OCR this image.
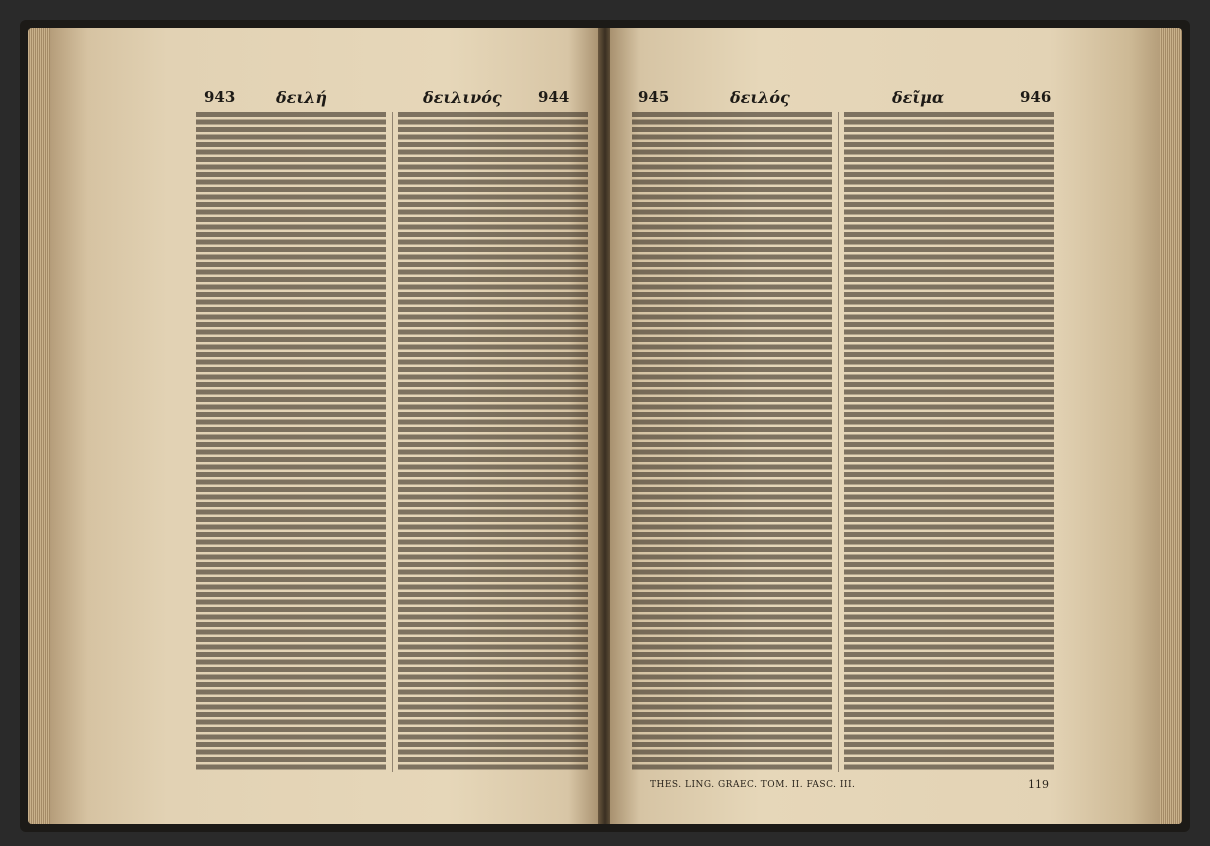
943	δειλή	δειλινός 944	945	δειλός	δεῖμα	946
THES. LING. GRAEC. TOM. II. FASC. III.	119
